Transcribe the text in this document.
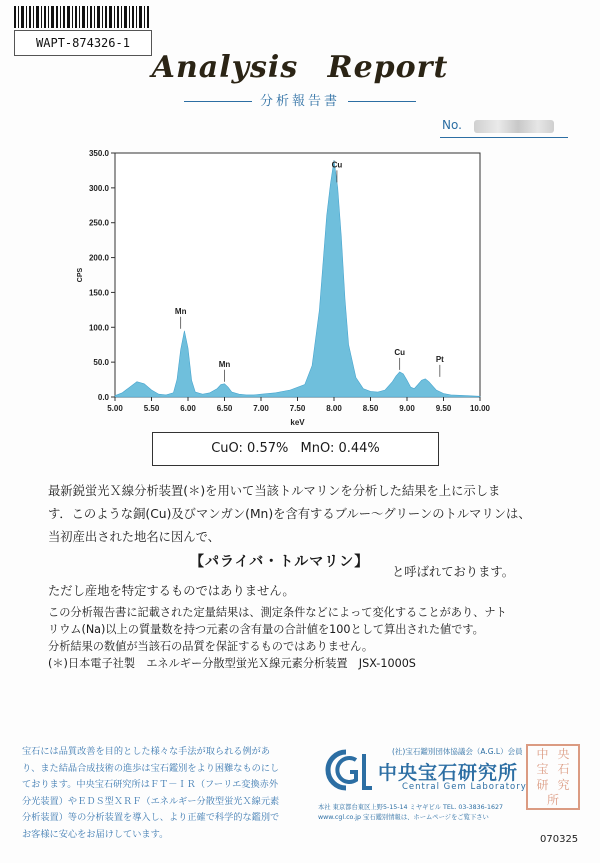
WAPT-874326-1
Analysis Report
分析報告書
No.
0.0
50.0
100.0
150.0
200.0
250.0
300.0
350.0
5.00	5.50	6.00	6.50	7.00	7.50	8.00	8.50	9.00	9.50 10.00
keV
CPS
Mn
Mn
Cu
Cu
Pt
CuO: 0.57% MnO: 0.44%
最新鋭蛍光Ｘ線分析装置(＊)を用いて当該トルマリンを分析した結果を上に示しま
す．このような銅(Cu)及びマンガン(Mn)を含有するブルー～グリーンのトルマリンは、
当初産出された地名に因んで、
【パライバ・トルマリン】
と呼ばれております。
ただし産地を特定するものではありません。
この分析報告書に記載された定量結果は、測定条件などによって変化することがあり、ナト
リウム(Na)以上の質量数を持つ元素の含有量の合計値を100として算出された値です。
分析結果の数値が当該石の品質を保証するものではありません。
(＊)日本電子社製　エネルギー分散型蛍光Ｘ線元素分析装置　JSX-1000S
宝石には品質改善を目的とした様々な手法が取られる例があり、また結晶合成技術の進歩は宝石鑑別をより困難なものにしております。中央宝石研究所はＦＴ－ＩＲ（フーリエ変換赤外分光装置）やＥＤＳ型ＸＲＦ（エネルギー分散型蛍光Ｘ線元素分析装置）等の分析装置を導入し、より正確で科学的な鑑別でお客様に安心をお届けしています。
(社)宝石鑑別団体協議会（A.G.L）会員
中央宝石研究所
Central Gem Laboratory
中 央
宝 石
研 究
所
本社 東京都台東区上野5-15-14 ミヤギビル TEL. 03-3836-1627
www.cgl.co.jp 宝石鑑別情報は、ホームページをご覧下さい
070325
